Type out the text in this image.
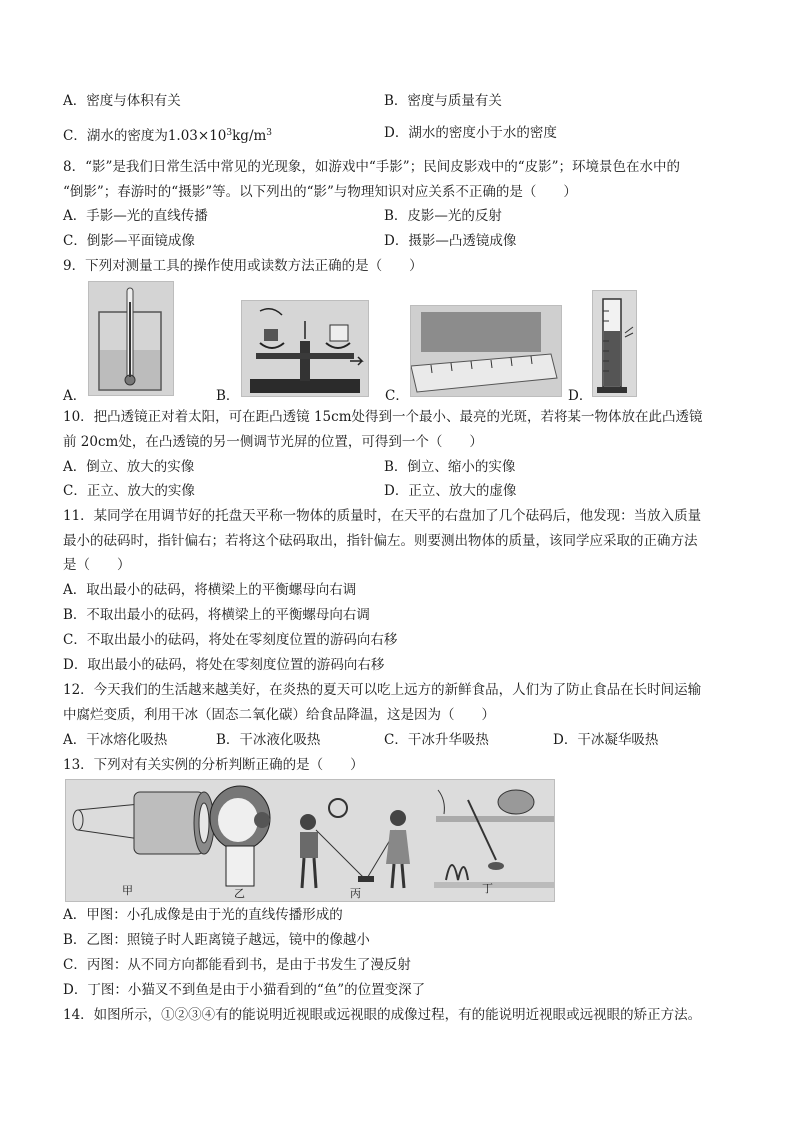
A．密度与体积有关	B．密度与质量有关
C．湖水的密度为$1.03\times 10^3kg/m^3$	D．湖水的密度小于水的密度
8．“影”是我们日常生活中常见的光现象，如游戏中“手影”；民间皮影戏中的“皮影”；环境景色在水中的
“倒影”；春游时的“摄影”等。以下列出的“影”与物理知识对应关系不正确的是（　　）
A．手影—光的直线传播	B．皮影—光的反射
C．倒影—平面镜成像	D．摄影—凸透镜成像
9．下列对测量工具的操作使用或读数方法正确的是（　　）
A．	B．	C．	D．
10．把凸透镜正对着太阳，可在距凸透镜 15cm处得到一个最小、最亮的光斑，若将某一物体放在此凸透镜
前 20cm处，在凸透镜的另一侧调节光屏的位置，可得到一个（　　）
A．倒立、放大的实像	B．倒立、缩小的实像
C．正立、放大的实像	D．正立、放大的虚像
11．某同学在用调节好的托盘天平称一物体的质量时，在天平的右盘加了几个砝码后，他发现：当放入质量
最小的砝码时，指针偏右；若将这个砝码取出，指针偏左。则要测出物体的质量，该同学应采取的正确方法
是（　　）
A．取出最小的砝码，将横梁上的平衡螺母向右调
B．不取出最小的砝码，将横梁上的平衡螺母向右调
C．不取出最小的砝码，将处在零刻度位置的游码向右移
D．取出最小的砝码，将处在零刻度位置的游码向右移
12．今天我们的生活越来越美好，在炎热的夏天可以吃上远方的新鲜食品，人们为了防止食品在长时间运输
中腐烂变质，利用干冰（固态二氧化碳）给食品降温，这是因为（　　）
A．干冰熔化吸热	B．干冰液化吸热	C．干冰升华吸热	D．干冰凝华吸热
13．下列对有关实例的分析判断正确的是（　　）
甲	乙	丙	丁
A．甲图：小孔成像是由于光的直线传播形成的
B．乙图：照镜子时人距离镜子越远，镜中的像越小
C．丙图：从不同方向都能看到书，是由于书发生了漫反射
D．丁图：小猫叉不到鱼是由于小猫看到的“鱼”的位置变深了
14．如图所示，①②③④有的能说明近视眼或远视眼的成像过程，有的能说明近视眼或远视眼的矫正方法。
